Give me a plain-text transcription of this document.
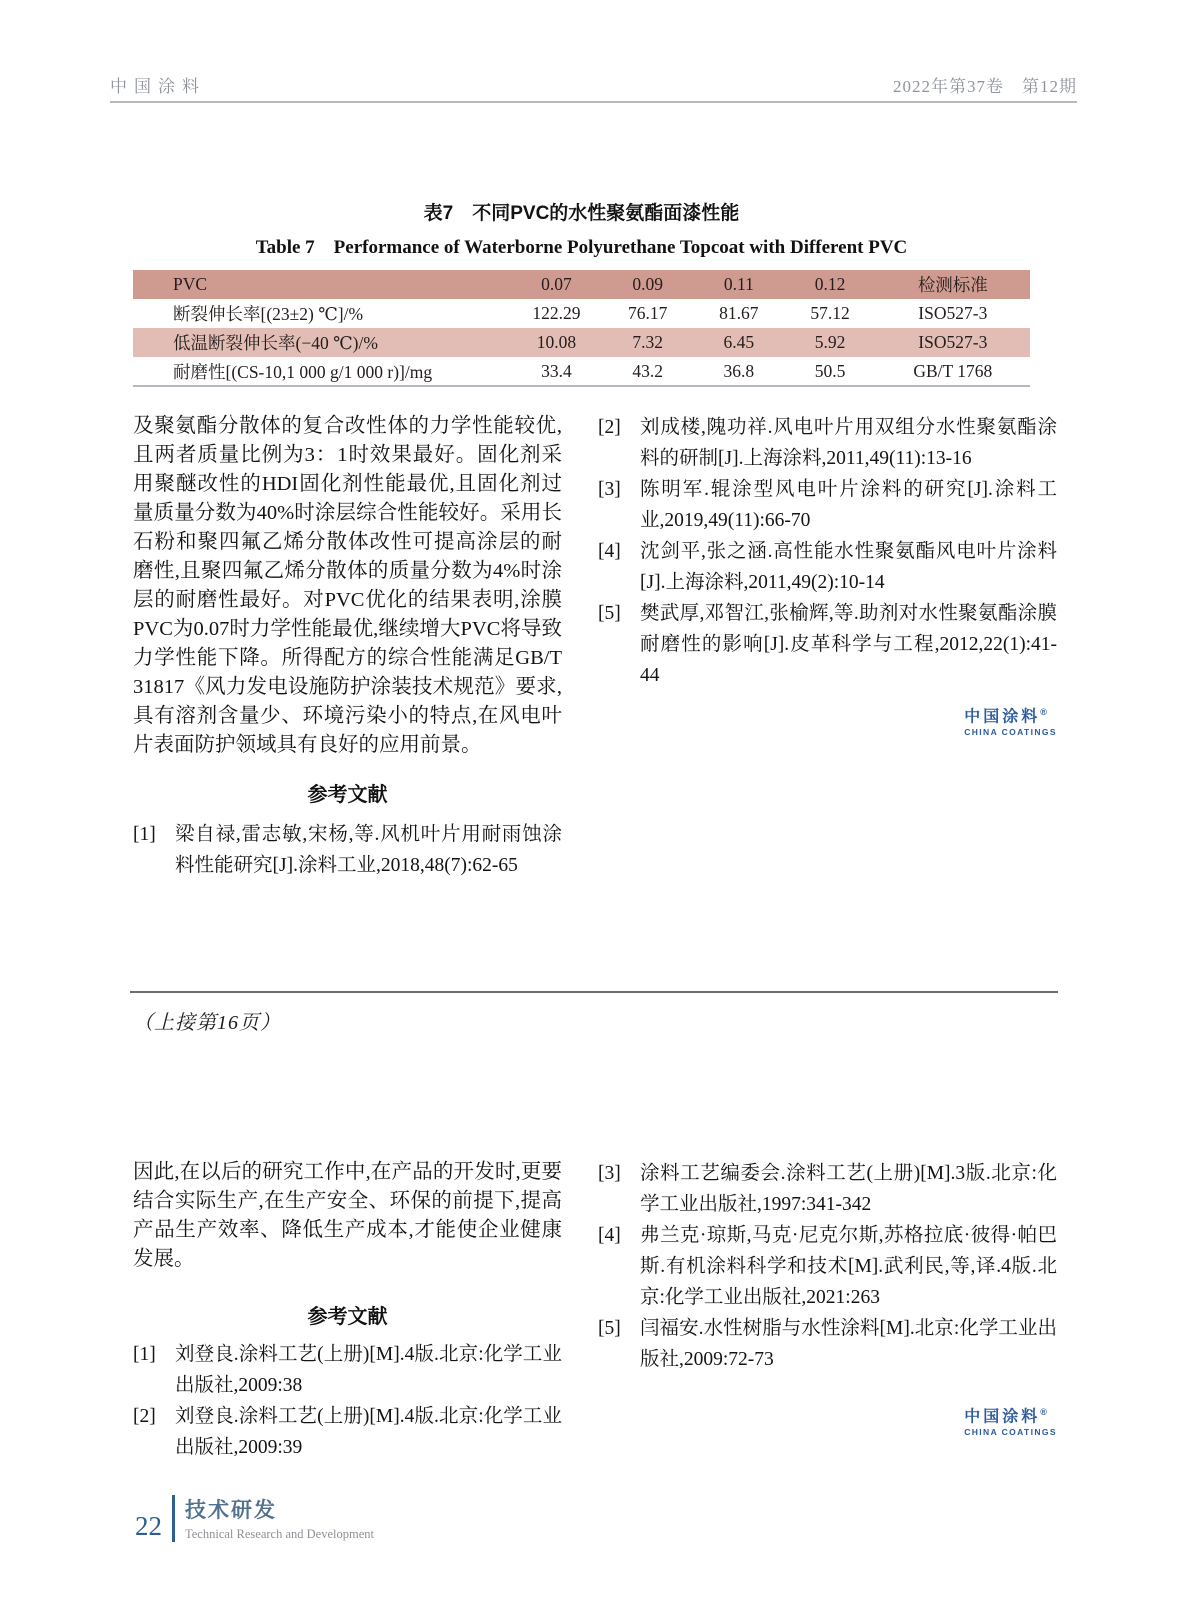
中国涂料	2022年第37卷　第12期
表7　不同PVC的水性聚氨酯面漆性能
Table 7　Performance of Waterborne Polyurethane Topcoat with Different PVC
PVC	0.07	0.09	0.11	0.12	检测标准
断裂伸长率[(23±2) ℃]/%	122.29	76.17	81.67	57.12	ISO527-3
低温断裂伸长率(−40 ℃)/%	10.08	7.32	6.45	5.92	ISO527-3
耐磨性[(CS-10,1 000 g/1 000 r)]/mg	33.4	43.2	36.8	50.5	GB/T 1768

及聚氨酯分散体的复合改性体的力学性能较优,且两者质量比例为3：1时效果最好。固化剂采用聚醚改性的HDI固化剂性能最优,且固化剂过量质量分数为40%时涂层综合性能较好。采用长石粉和聚四氟乙烯分散体改性可提高涂层的耐磨性,且聚四氟乙烯分散体的质量分数为4%时涂层的耐磨性最好。对PVC优化的结果表明,涂膜PVC为0.07时力学性能最优,继续增大PVC将导致力学性能下降。所得配方的综合性能满足GB/T 31817《风力发电设施防护涂装技术规范》要求,具有溶剂含量少、环境污染小的特点,在风电叶片表面防护领域具有良好的应用前景。

参考文献
[1] 梁自禄,雷志敏,宋杨,等.风机叶片用耐雨蚀涂料性能研究[J].涂料工业,2018,48(7):62-65
[2] 刘成楼,隗功祥.风电叶片用双组分水性聚氨酯涂料的研制[J].上海涂料,2011,49(11):13-16
[3] 陈明军.辊涂型风电叶片涂料的研究[J].涂料工业,2019,49(11):66-70
[4] 沈剑平,张之涵.高性能水性聚氨酯风电叶片涂料[J].上海涂料,2011,49(2):10-14
[5] 樊武厚,邓智江,张榆辉,等.助剂对水性聚氨酯涂膜耐磨性的影响[J].皮革科学与工程,2012,22(1):41-44
中国涂料®
CHINA COATINGS
（上接第16页）

因此,在以后的研究工作中,在产品的开发时,更要结合实际生产,在生产安全、环保的前提下,提高产品生产效率、降低生产成本,才能使企业健康发展。

参考文献
[1] 刘登良.涂料工艺(上册)[M].4版.北京:化学工业出版社,2009:38
[2] 刘登良.涂料工艺(上册)[M].4版.北京:化学工业出版社,2009:39
[3] 涂料工艺编委会.涂料工艺(上册)[M].3版.北京:化学工业出版社,1997:341-342
[4] 弗兰克·琼斯,马克·尼克尔斯,苏格拉底·彼得·帕巴斯.有机涂料科学和技术[M].武利民,等,译.4版.北京:化学工业出版社,2021:263
[5] 闫福安.水性树脂与水性涂料[M].北京:化学工业出版社,2009:72-73
中国涂料®
CHINA COATINGS
22
技术研发
Technical Research and Development
